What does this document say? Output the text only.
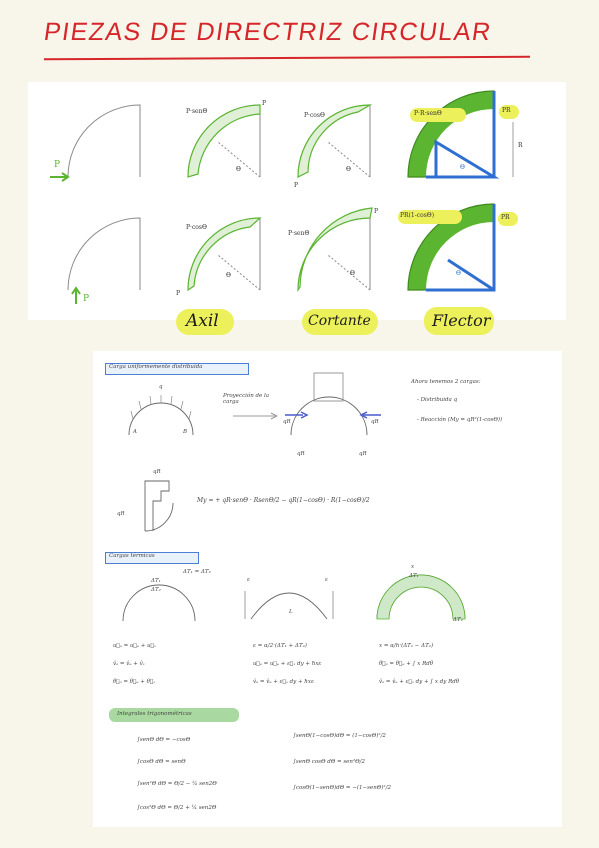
PIEZAS DE DIRECTRIZ CIRCULAR
P
P·senΘ
P
Θ
P·cosΘ
P
Θ
P·R·senΘ	PR
R
Θ
P
P·cosΘ
Θ
P
P·senΘ
P
Θ
PR(1-cosΘ)	PR
Θ
Axil	Cortante	Flector
Carga uniformemente distribuida
q
A	B
Proyección de la carga
qR	qR
qR	qR
qR
qR
Ahora tenemos 2 cargas:
- Distribuida q
- Reacción (My = qR²(1-cosΘ))
My = + qR·senΘ · RsenΘ/2 − qR(1−cosΘ) · R(1−cosΘ)/2
Cargas térmicas
ΔT₁ = ΔT₂
ΔT₁
ΔT₂
ε	ε
L
x
ΔT₁
ΔT₂
u⃗ₐ = u⃗ₑ + u⃗ₓ
v̂ₐ = v̂ₑ + v̂ₓ
θ⃗ₐ = θ⃗ₑ + θ⃗ₓ
ε = α/2·(ΔT₁ + ΔT₂)
u⃗ₐ = u⃗ₑ + ε⃗ₓ dy + ħxε
v̂ₐ = v̂ₑ + ε⃗ₓ dy + ħxε
x = α/h·(ΔT₁ − ΔT₂)
θ⃗ₐ = θ⃗ₑ + ∫ x Rdθ
v̂ₐ = v̂ₑ + ε⃗ₓ dy + ∫ x dy Rdθ
Integrales trigonométricas
∫senΘ dΘ = −cosΘ
∫cosΘ dΘ = senΘ
∫sen²Θ dΘ = Θ/2 − ¼ sen2Θ
∫cos²Θ dΘ = Θ/2 + ¼ sen2Θ
∫senΘ(1−cosΘ)dΘ = (1−cosΘ)²/2
∫senΘ cosΘ dΘ = sen²Θ/2
∫cosΘ(1−senΘ)dΘ = −(1−senΘ)²/2
